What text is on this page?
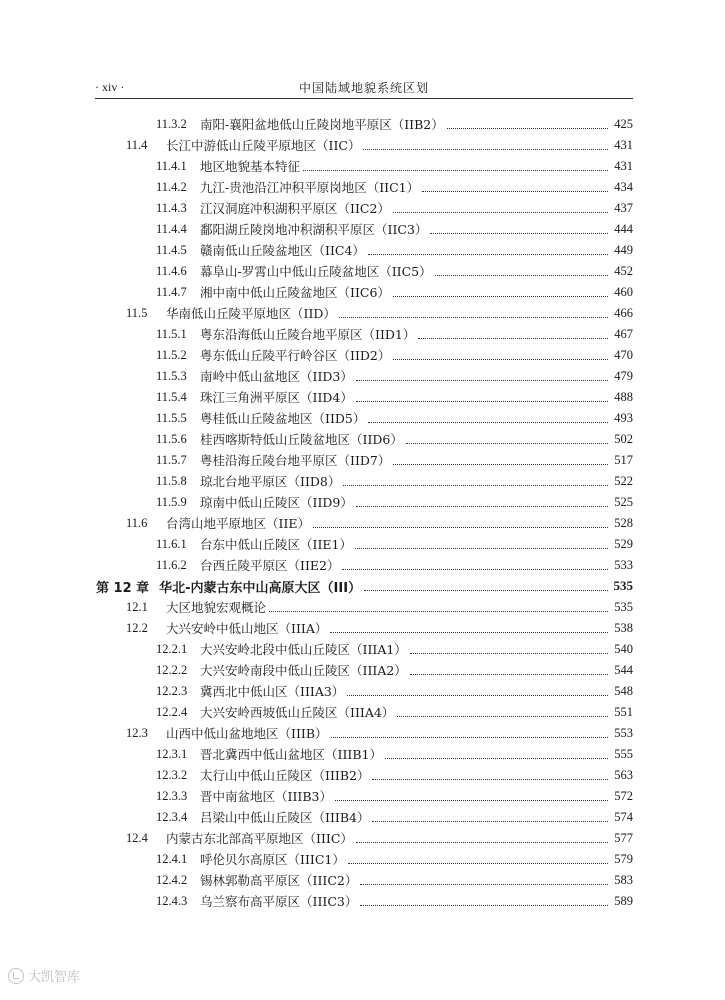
· xiv ·	中国陆域地貌系统区划
11.3.2	南阳-襄阳盆地低山丘陵岗地平原区（IIB2）	425
11.4	长江中游低山丘陵平原地区（IIC）	431
11.4.1	地区地貌基本特征	431
11.4.2	九江-贵池沿江冲积平原岗地区（IIC1）	434
11.4.3	江汉洞庭冲积湖积平原区（IIC2）	437
11.4.4	鄱阳湖丘陵岗地冲积湖积平原区（IIC3）	444
11.4.5	赣南低山丘陵盆地区（IIC4）	449
11.4.6	幕阜山-罗霄山中低山丘陵盆地区（IIC5）	452
11.4.7	湘中南中低山丘陵盆地区（IIC6）	460
11.5	华南低山丘陵平原地区（IID）	466
11.5.1	粤东沿海低山丘陵台地平原区（IID1）	467
11.5.2	粤东低山丘陵平行岭谷区（IID2）	470
11.5.3	南岭中低山盆地区（IID3）	479
11.5.4	珠江三角洲平原区（IID4）	488
11.5.5	粤桂低山丘陵盆地区（IID5）	493
11.5.6	桂西喀斯特低山丘陵盆地区（IID6）	502
11.5.7	粤桂沿海丘陵台地平原区（IID7）	517
11.5.8	琼北台地平原区（IID8）	522
11.5.9	琼南中低山丘陵区（IID9）	525
11.6	台湾山地平原地区（IIE）	528
11.6.1	台东中低山丘陵区（IIE1）	529
11.6.2	台西丘陵平原区（IIE2）	533
第 12 章 华北-内蒙古东中山高原大区（III）	535
12.1	大区地貌宏观概论	535
12.2	大兴安岭中低山地区（IIIA）	538
12.2.1	大兴安岭北段中低山丘陵区（IIIA1）	540
12.2.2	大兴安岭南段中低山丘陵区（IIIA2）	544
12.2.3	冀西北中低山区（IIIA3）	548
12.2.4	大兴安岭西坡低山丘陵区（IIIA4）	551
12.3	山西中低山盆地地区（IIIB）	553
12.3.1	晋北冀西中低山盆地区（IIIB1）	555
12.3.2	太行山中低山丘陵区（IIIB2）	563
12.3.3	晋中南盆地区（IIIB3）	572
12.3.4	吕梁山中低山丘陵区（IIIB4）	574
12.4	内蒙古东北部高平原地区（IIIC）	577
12.4.1	呼伦贝尔高原区（IIIC1）	579
12.4.2	锡林郭勒高平原区（IIIC2）	583
12.4.3	乌兰察布高平原区（IIIC3）	589
大凯智库
